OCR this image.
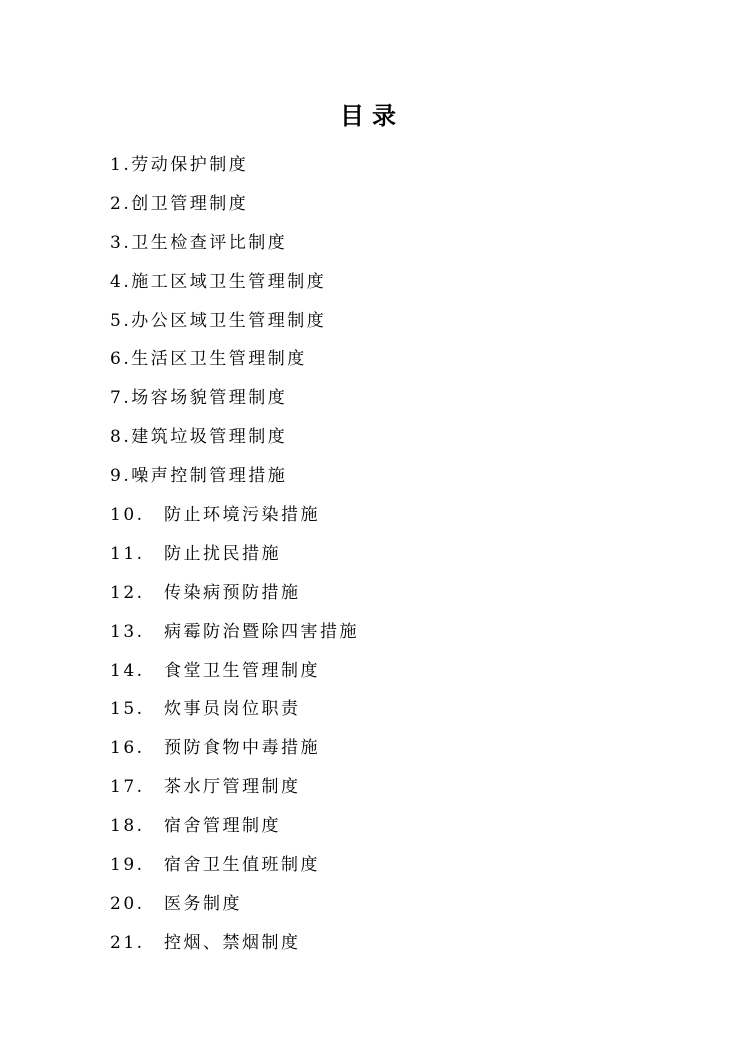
目录
1. 劳动保护制度
2. 创卫管理制度
3. 卫生检查评比制度
4. 施工区域卫生管理制度
5. 办公区域卫生管理制度
6. 生活区卫生管理制度
7. 场容场貌管理制度
8. 建筑垃圾管理制度
9. 噪声控制管理措施
10.	防止环境污染措施
11.	防止扰民措施
12.	传染病预防措施
13.	病霉防治暨除四害措施
14.	食堂卫生管理制度
15.	炊事员岗位职责
16.	预防食物中毒措施
17.	茶水厅管理制度
18.	宿舍管理制度
19.	宿舍卫生值班制度
20.	医务制度
21.	控烟、禁烟制度
